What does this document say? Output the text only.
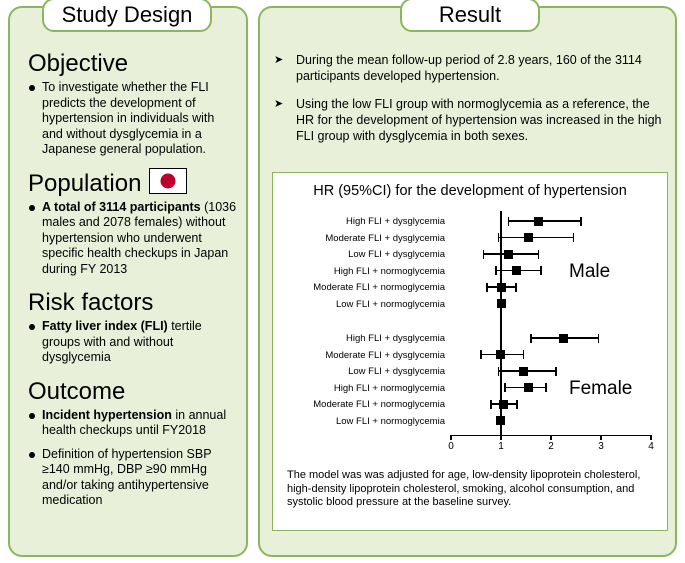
Study Design
Objective
To investigate whether the FLI predicts the development of hypertension in individuals with and without dysglycemia in a Japanese general population.
Population
A total of 3114 participants (1036 males and 2078 females) without hypertension who underwent specific health checkups in Japan during FY 2013
Risk factors
Fatty liver index (FLI) tertile groups with and without dysglycemia
Outcome
Incident hypertension in annual health checkups until FY2018
Definition of hypertension SBP ≥140 mmHg, DBP ≥90 mmHg and/or taking antihypertensive medication
Result
➤ During the mean follow-up period of 2.8 years, 160 of the 3114 participants developed hypertension.
➤ Using the low FLI group with normoglycemia as a reference, the HR for the development of hypertension was increased in the high FLI group with dysglycemia in both sexes.
HR (95%CI) for the development of hypertension
High FLI + dysglycemia
Moderate FLI + dysglycemia
Low FLI + dysglycemia
High FLI + normoglycemia
Moderate FLI + normoglycemia
Low FLI + normoglycemia
Male
High FLI + dysglycemia
Moderate FLI + dysglycemia
Low FLI + dysglycemia
High FLI + normoglycemia
Moderate FLI + normoglycemia
Low FLI + normoglycemia
Female
0	1	2	3	4
The model was was adjusted for age, low-density lipoprotein cholesterol, high-density lipoprotein cholesterol, smoking, alcohol consumption, and systolic blood pressure at the baseline survey.
